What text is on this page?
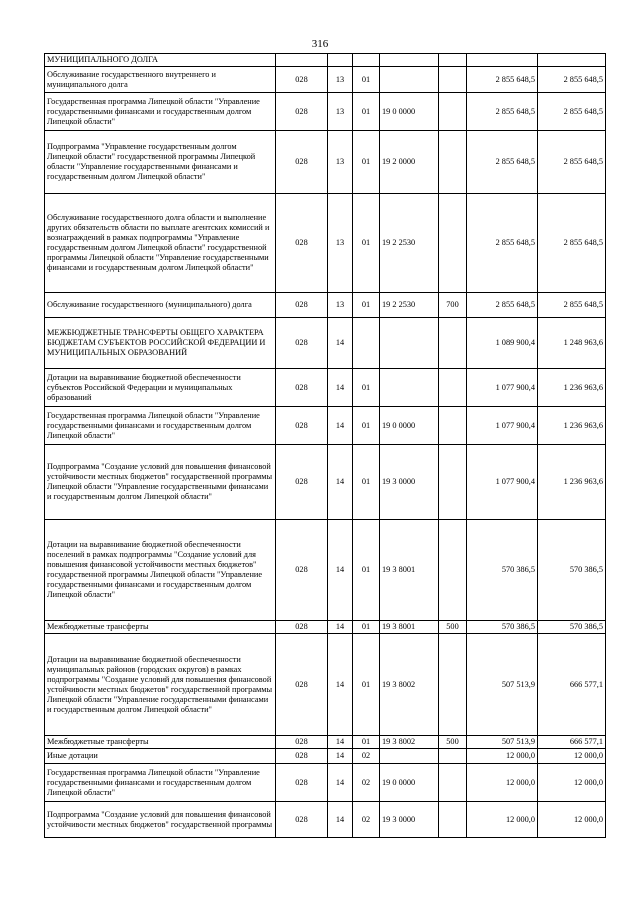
316
МУНИЦИПАЛЬНОГО ДОЛГА							
Обслуживание государственного внутреннего и муниципального долга	028	13	01			2 855 648,5	2 855 648,5
Государственная программа Липецкой области "Управление государственными финансами и государственным долгом Липецкой области"	028	13	01	19 0 0000		2 855 648,5	2 855 648,5
Подпрограмма "Управление государственным долгом Липецкой области" государственной программы Липецкой области "Управление государственными финансами и государственным долгом Липецкой области"	028	13	01	19 2 0000		2 855 648,5	2 855 648,5
Обслуживание государственного долга области и выполнение других обязательств области по выплате агентских комиссий и вознаграждений в рамках подпрограммы "Управление государственным долгом Липецкой области" государственной программы Липецкой области "Управление государственными финансами и государственным долгом Липецкой области"	028	13	01	19 2 2530		2 855 648,5	2 855 648,5
Обслуживание государственного (муниципального) долга	028	13	01	19 2 2530	700	2 855 648,5	2 855 648,5
МЕЖБЮДЖЕТНЫЕ ТРАНСФЕРТЫ ОБЩЕГО ХАРАКТЕРА БЮДЖЕТАМ СУБЪЕКТОВ РОССИЙСКОЙ ФЕДЕРАЦИИ И МУНИЦИПАЛЬНЫХ ОБРАЗОВАНИЙ	028	14				1 089 900,4	1 248 963,6
Дотации на выравнивание бюджетной обеспеченности субъектов Российской Федерации и муниципальных образований	028	14	01			1 077 900,4	1 236 963,6
Государственная программа Липецкой области "Управление государственными финансами и государственным долгом Липецкой области"	028	14	01	19 0 0000		1 077 900,4	1 236 963,6
Подпрограмма "Создание условий для повышения финансовой устойчивости местных бюджетов" государственной программы Липецкой области "Управление государственными финансами и государственным долгом Липецкой области"	028	14	01	19 3 0000		1 077 900,4	1 236 963,6
Дотации на выравнивание бюджетной обеспеченности поселений в рамках подпрограммы "Создание условий для повышения финансовой устойчивости местных бюджетов" государственной программы Липецкой области "Управление государственными финансами и государственным долгом Липецкой области"	028	14	01	19 3 8001		570 386,5	570 386,5
Межбюджетные трансферты	028	14	01	19 3 8001	500	570 386,5	570 386,5
Дотации на выравнивание бюджетной обеспеченности муниципальных районов (городских округов) в рамках подпрограммы "Создание условий для повышения финансовой устойчивости местных бюджетов" государственной программы Липецкой области "Управление государственными финансами и государственным долгом Липецкой области"	028	14	01	19 3 8002		507 513,9	666 577,1
Межбюджетные трансферты	028	14	01	19 3 8002	500	507 513,9	666 577,1
Иные дотации	028	14	02			12 000,0	12 000,0
Государственная программа Липецкой области "Управление государственными финансами и государственным долгом Липецкой области"	028	14	02	19 0 0000		12 000,0	12 000,0
Подпрограмма "Создание условий для повышения финансовой устойчивости местных бюджетов" государственной программы	028	14	02	19 3 0000		12 000,0	12 000,0
